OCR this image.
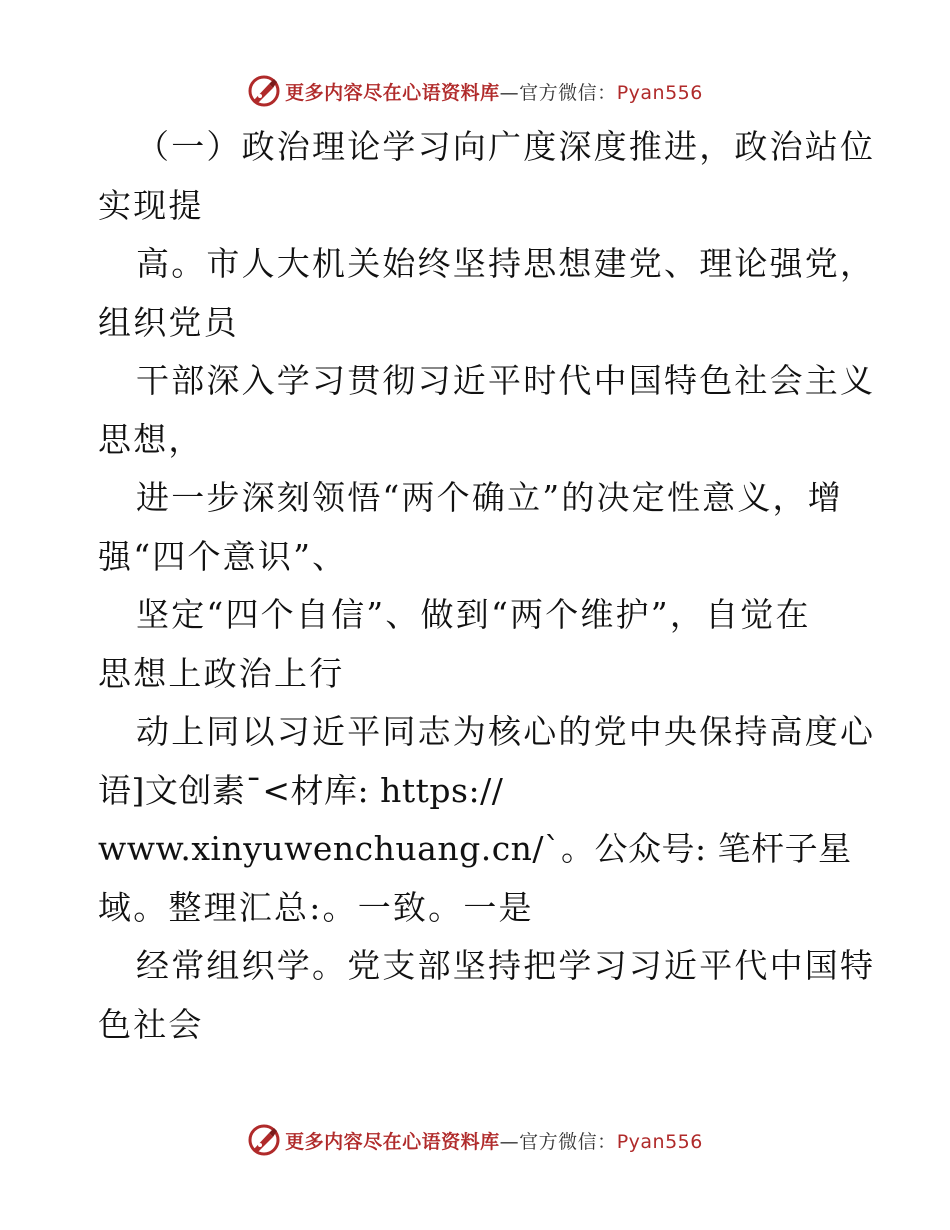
更多内容尽在心语资料库—官方微信：Pyan556
（一）政治理论学习向广度深度推进，政治站位
实现提
高。市人大机关始终坚持思想建党、理论强党，
组织党员
干部深入学习贯彻习近平时代中国特色社会主义
思想，
进一步深刻领悟“两个确立”的决定性意义，增
强“四个意识”、
坚定“四个自信”、做到“两个维护”，自觉在
思想上政治上行
动上同以习近平同志为核心的党中央保持高度心
语]文创素¯<材库: https://
www.xinyuwenchuang.cn/`。公众号: 笔杆子星
域。整理汇总:。一致。一是
经常组织学。党支部坚持把学习习近平代中国特
色社会
更多内容尽在心语资料库—官方微信：Pyan556
